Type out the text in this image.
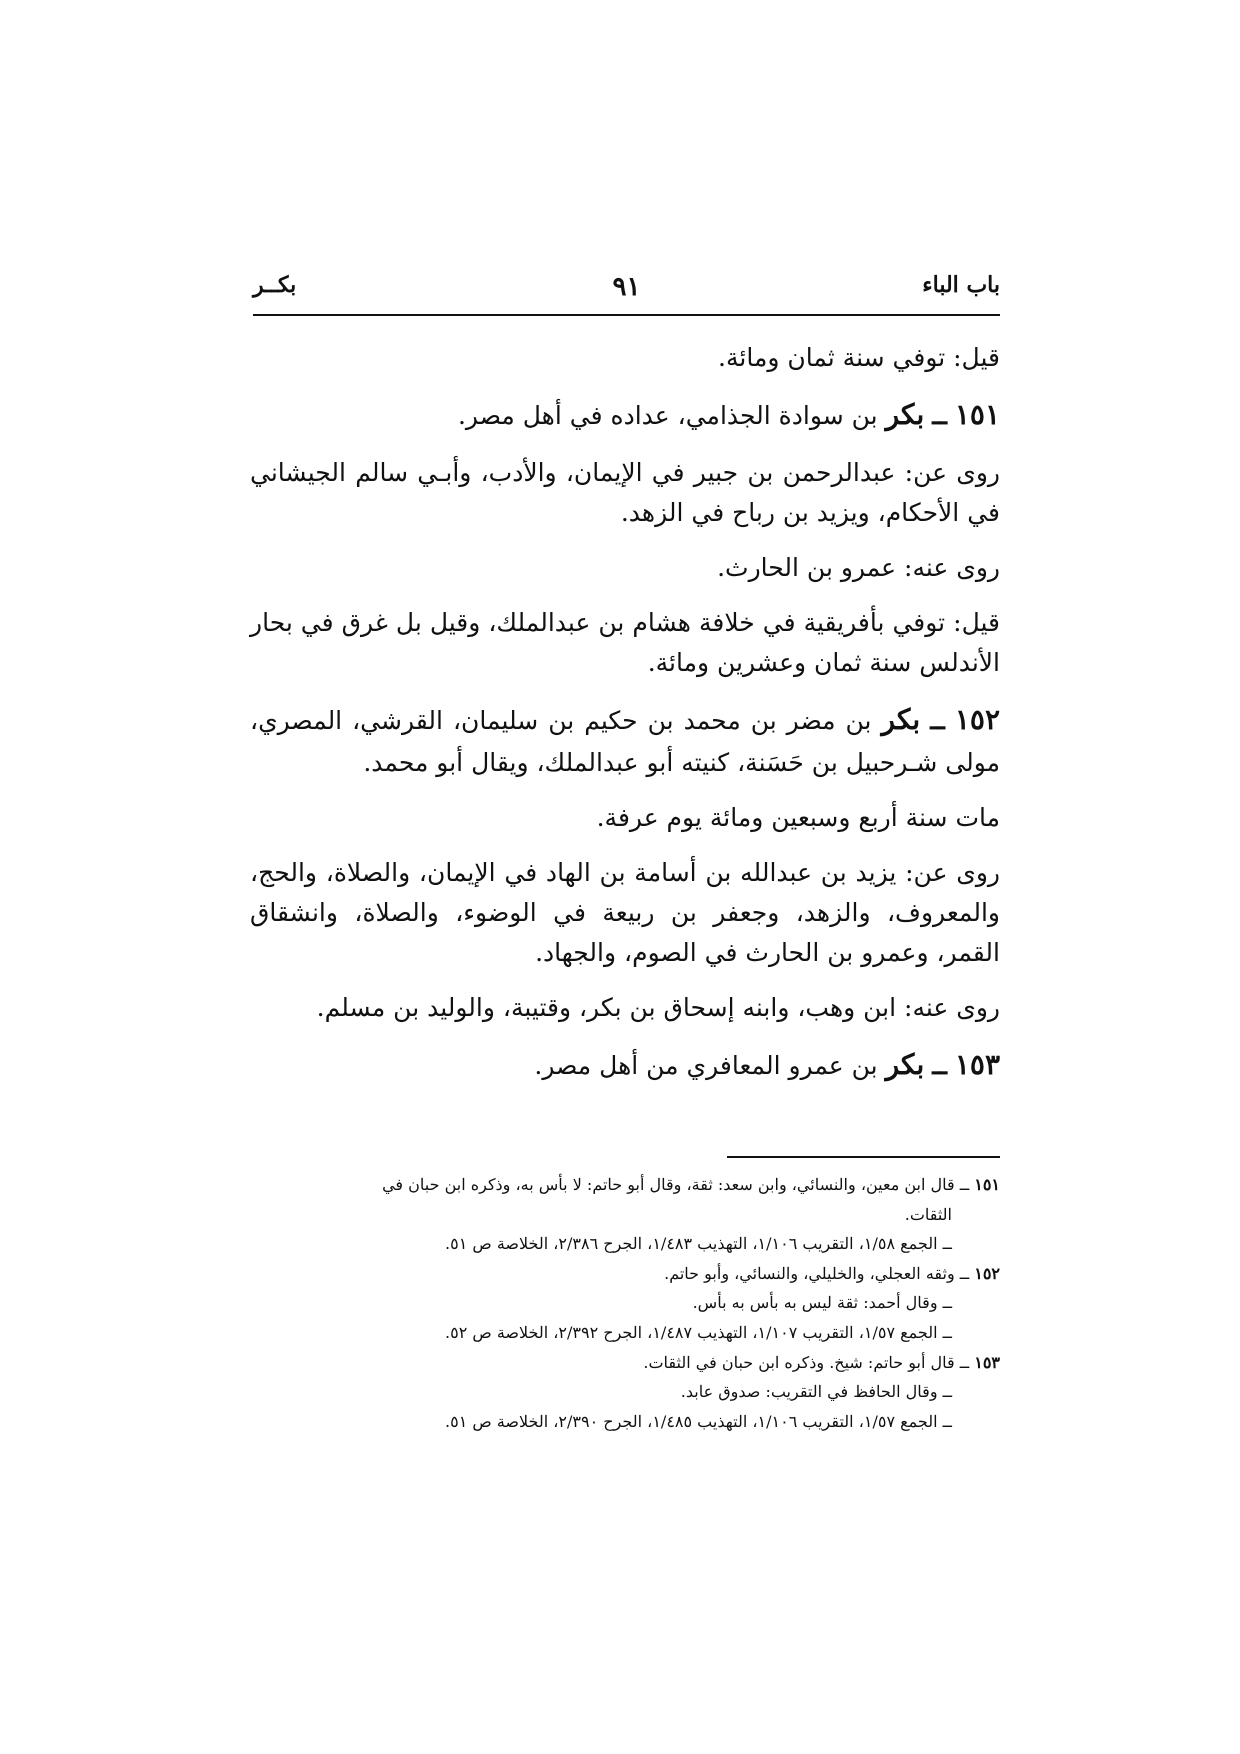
باب الباء
٩١
بكــر

قيل: توفي سنة ثمان ومائة.

١٥١ ــ بكر بن سوادة الجذامي، عداده في أهل مصر.

روى عن: عبدالرحمن بن جبير في الإيمان، والأدب، وأبـي سالم الجيشاني في الأحكام، ويزيد بن رباح في الزهد.

روى عنه: عمرو بن الحارث.

قيل: توفي بأفريقية في خلافة هشام بن عبدالملك، وقيل بل غرق في بحار الأندلس سنة ثمان وعشرين ومائة.

١٥٢ ــ بكر بن مضر بن محمد بن حكيم بن سليمان، القرشي، المصري، مولى شـرحبيل بن حَسَنة، كنيته أبو عبدالملك، ويقال أبو محمد.

مات سنة أربع وسبعين ومائة يوم عرفة.

روى عن: يزيد بن عبدالله بن أسامة بن الهاد في الإيمان، والصلاة، والحج، والمعروف، والزهد، وجعفر بن ربيعة في الوضوء، والصلاة، وانشقاق القمر، وعمرو بن الحارث في الصوم، والجهاد.

روى عنه: ابن وهب، وابنه إسحاق بن بكر، وقتيبة، والوليد بن مسلم.

١٥٣ ــ بكر بن عمرو المعافري من أهل مصر.

١٥١ ــ قال ابن معين، والنسائي، وابن سعد: ثقة، وقال أبو حاتم: لا بأس به، وذكره ابن حبان في

الثقات.

ــ الجمع ١/٥٨، التقريب ١/١٠٦، التهذيب ١/٤٨٣، الجرح ٢/٣٨٦، الخلاصة ص ٥١.

١٥٢ ــ وثقه العجلي، والخليلي، والنسائي، وأبو حاتم.

ــ وقال أحمد: ثقة ليس به بأس به بأس.

ــ الجمع ١/٥٧، التقريب ١/١٠٧، التهذيب ١/٤٨٧، الجرح ٢/٣٩٢، الخلاصة ص ٥٢.

١٥٣ ــ قال أبو حاتم: شيخ. وذكره ابن حبان في الثقات.

ــ وقال الحافظ في التقريب: صدوق عابد.

ــ الجمع ١/٥٧، التقريب ١/١٠٦، التهذيب ١/٤٨٥، الجرح ٢/٣٩٠، الخلاصة ص ٥١.
